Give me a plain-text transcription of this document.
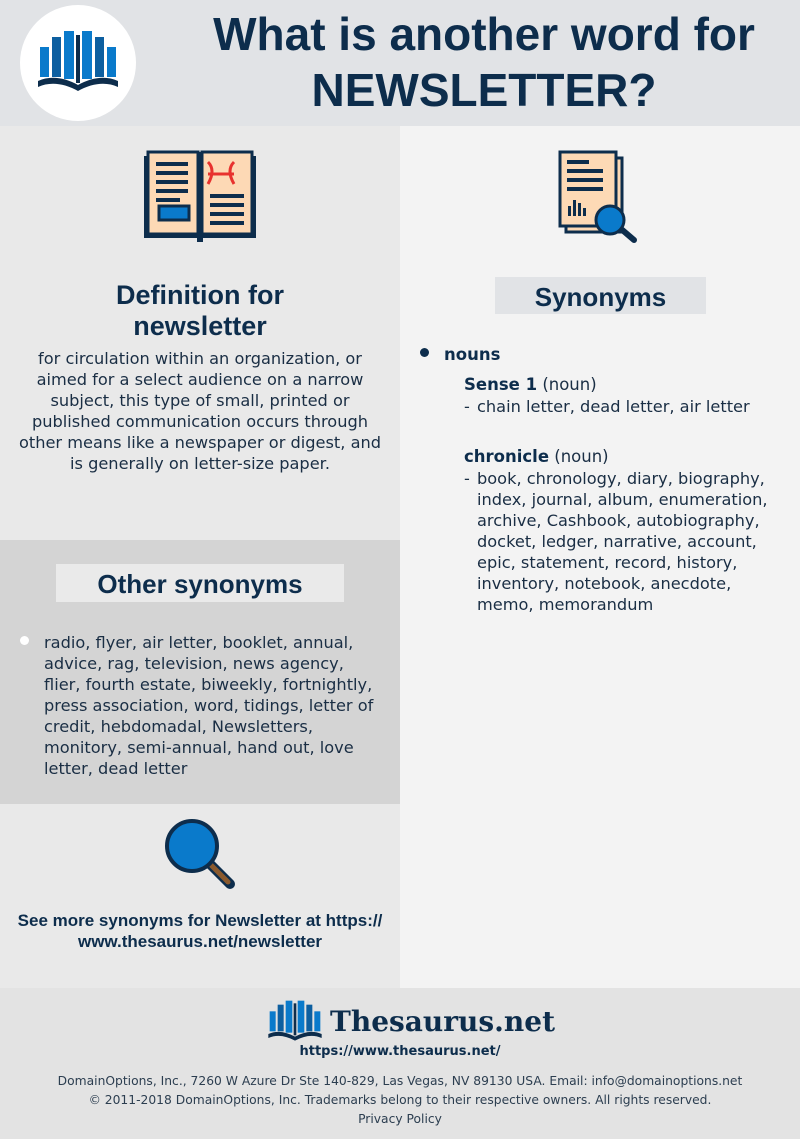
What is another word for
NEWSLETTER?
Definition for
newsletter
for circulation within an organization, or aimed for a select audience on a narrow subject, this type of small, printed or published communication occurs through other means like a newspaper or digest, and is generally on letter-size paper.
Other synonyms
radio, flyer, air letter, booklet, annual, advice, rag, television, news agency, flier, fourth estate, biweekly, fortnightly, press association, word, tidings, letter of credit, hebdomadal, Newsletters, monitory, semi-annual, hand out, love letter, dead letter
See more synonyms for Newsletter at https://www.thesaurus.net/newsletter
Synonyms
nouns
Sense 1 (noun)
- chain letter, dead letter, air letter
chronicle (noun)
- book, chronology, diary, biography, index, journal, album, enumeration, archive, Cashbook, autobiography, docket, ledger, narrative, account, epic, statement, record, history, inventory, notebook, anecdote, memo, memorandum
Thesaurus.net
https://www.thesaurus.net/
DomainOptions, Inc., 7260 W Azure Dr Ste 140-829, Las Vegas, NV 89130 USA. Email: info@domainoptions.net
© 2011-2018 DomainOptions, Inc. Trademarks belong to their respective owners. All rights reserved.
Privacy Policy
